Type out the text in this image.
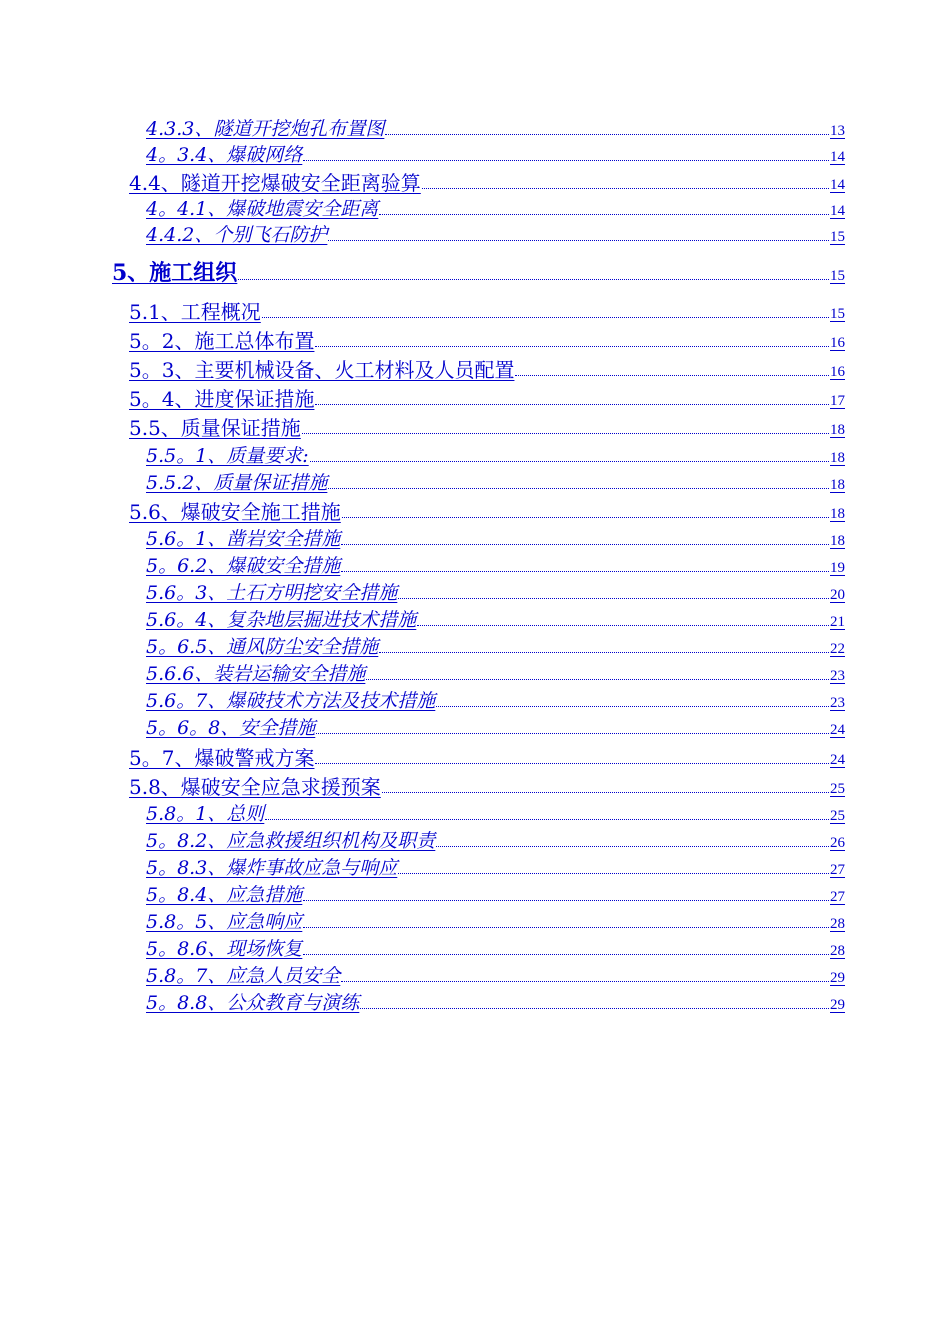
4.3.3、隧道开挖炮孔布置图	13
4。3.4、爆破网络	14
4.4、隧道开挖爆破安全距离验算	14
4。4.1、爆破地震安全距离	14
4.4.2、个别飞石防护	15
5、施工组织	15
5.1、工程概况	15
5。2、施工总体布置	16
5。3、主要机械设备、火工材料及人员配置	16
5。4、进度保证措施	17
5.5、质量保证措施	18
5.5。1、质量要求:	18
5.5.2、质量保证措施	18
5.6、爆破安全施工措施	18
5.6。1、凿岩安全措施	18
5。6.2、爆破安全措施	19
5.6。3、土石方明挖安全措施	20
5.6。4、复杂地层掘进技术措施	21
5。6.5、通风防尘安全措施	22
5.6.6、装岩运输安全措施	23
5.6。7、爆破技术方法及技术措施	23
5。6。8、安全措施	24
5。7、爆破警戒方案	24
5.8、爆破安全应急求援预案	25
5.8。1、总则	25
5。8.2、应急救援组织机构及职责	26
5。8.3、爆炸事故应急与响应	27
5。8.4、应急措施	27
5.8。5、应急响应	28
5。8.6、现场恢复	28
5.8。7、应急人员安全	29
5。8.8、公众教育与演练	29
